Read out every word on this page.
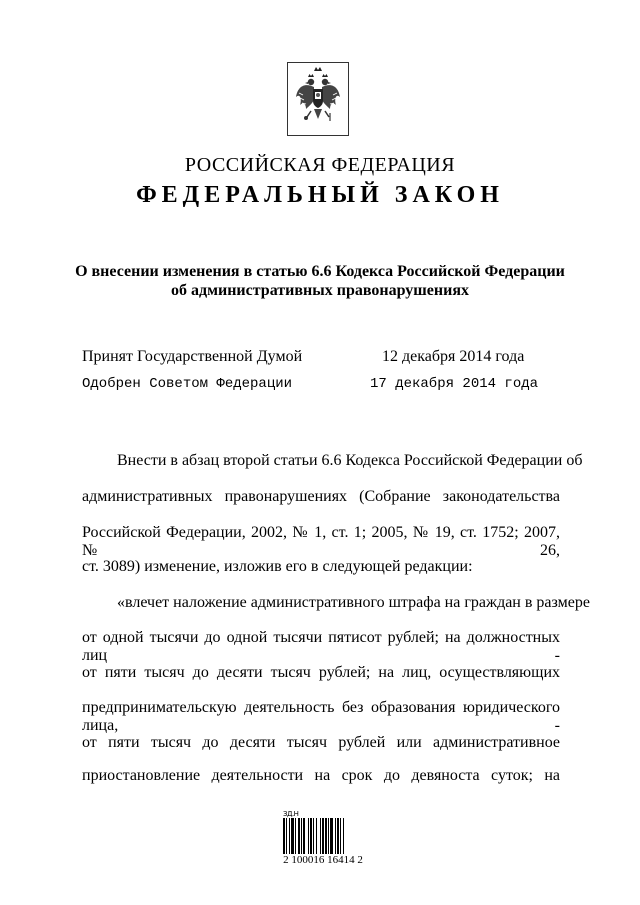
РОССИЙСКАЯ ФЕДЕРАЦИЯ
ФЕДЕРАЛЬНЫЙ ЗАКОН
О внесении изменения в статью 6.6 Кодекса Российской Федерации
об административных правонарушениях
Принят Государственной Думой	12 декабря 2014 года
Одобрен Советом Федерации	17 декабря 2014 года
Внести в абзац второй статьи 6.6 Кодекса Российской Федерации об
административных правонарушениях (Собрание законодательства
Российской Федерации, 2002, № 1, ст. 1; 2005, № 19, ст. 1752; 2007, № 26,
ст. 3089) изменение, изложив его в следующей редакции:
«влечет наложение административного штрафа на граждан в размере
от одной тысячи до одной тысячи пятисот рублей; на должностных лиц -
от пяти тысяч до десяти тысяч рублей; на лиц, осуществляющих
предпринимательскую деятельность без образования юридического лица, -
от пяти тысяч до десяти тысяч рублей или административное
приостановление деятельности на срок до девяноста суток; на
ЗД.Н
2 100016 16414 2
